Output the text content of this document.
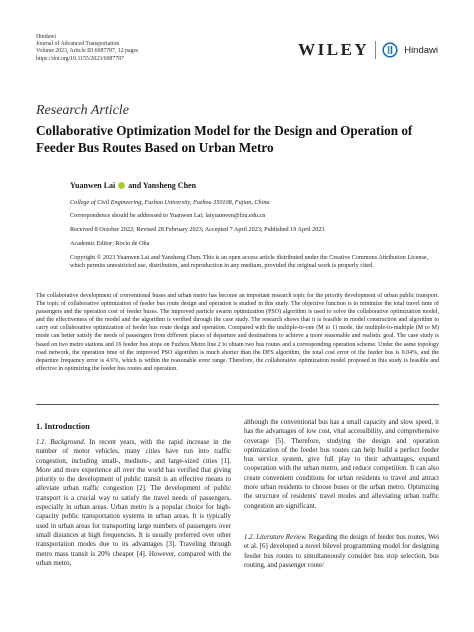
Hindawi
Journal of Advanced Transportation
Volume 2023, Article ID 6987787, 12 pages
https://doi.org/10.1155/2023/6987787	WILEY	Hindawi
Research Article
Collaborative Optimization Model for the Design and Operation of Feeder Bus Routes Based on Urban Metro
Yuanwen Lai and Yansheng Chen
College of Civil Engineering, Fuzhou University, Fuzhou 350108, Fujian, China
Correspondence should be addressed to Yuanwen Lai; laiyuanwen@fzu.edu.cn
Received 8 October 2022; Revised 28 February 2023; Accepted 7 April 2023; Published 19 April 2023
Academic Editor: Rocío de Oña
Copyright © 2023 Yuanwen Lai and Yansheng Chen. This is an open access article distributed under the Creative Commons Attribution License, which permits unrestricted use, distribution, and reproduction in any medium, provided the original work is properly cited.
The collaborative development of conventional buses and urban metro has become an important research topic for the priority development of urban public transport. The topic of collaborative optimization of feeder bus route design and operation is studied in this study. The objective function is to minimize the total travel time of passengers and the operation cost of feeder buses. The improved particle swarm optimization (PSO) algorithm is used to solve the collaborative optimization model, and the effectiveness of the model and the algorithm is verified through the case study. The research shows that it is feasible in model construction and algorithm to carry out collaborative optimization of feeder bus route design and operation. Compared with the multiple-to-one (M to 1) mode, the multiple-to-multiple (M to M) mode can better satisfy the needs of passengers from different places of departure and destinations to achieve a more reasonable and realistic goal. The case study is based on two metro stations and 16 feeder bus stops on Fuzhou Metro line 2 to obtain two bus routes and a corresponding operation scheme. Under the same topology road network, the operation time of the improved PSO algorithm is much shorter than the DFS algorithm, the total cost error of the feeder bus is 0.04%, and the departure frequency error is 4.6%, which is within the reasonable error range. Therefore, the collaborative optimization model proposed in this study is feasible and effective in optimizing the feeder bus routes and operation.
1. Introduction

1.1. Background. In recent years, with the rapid increase in the number of motor vehicles, many cities have run into traffic congestion, including small-, medium-, and large-sized cities [1]. More and more experience all over the world has verified that giving priority to the development of public transit is an effective means to alleviate urban traffic congestion [2]. The development of public transport is a crucial way to satisfy the travel needs of passengers, especially in urban areas. Urban metro is a popular choice for high-capacity public transportation systems in urban areas. It is typically used in urban areas for transporting large numbers of passengers over small distances at high frequencies. It is usually preferred over other transportation modes due to its advantages [3]. Traveling through metro mass transit is 20% cheaper [4]. However, compared with the urban metro,

although the conventional bus has a small capacity and slow speed, it has the advantages of low cost, vital accessibility, and comprehensive coverage [5]. Therefore, studying the design and operation optimization of the feeder bus routes can help build a perfect feeder bus service system, give full play to their advantages, expand cooperation with the urban metro, and reduce competition. It can also create convenient conditions for urban residents to travel and attract more urban residents to choose buses or the urban metro. Optimizing the structure of residents' travel modes and alleviating urban traffic congestion are significant.

1.2. Literature Review. Regarding the design of feeder bus routes, Wei et al. [6] developed a novel bilevel programming model for designing feeder bus routes to simultaneously consider bus stop selection, bus routing, and passenger route/
